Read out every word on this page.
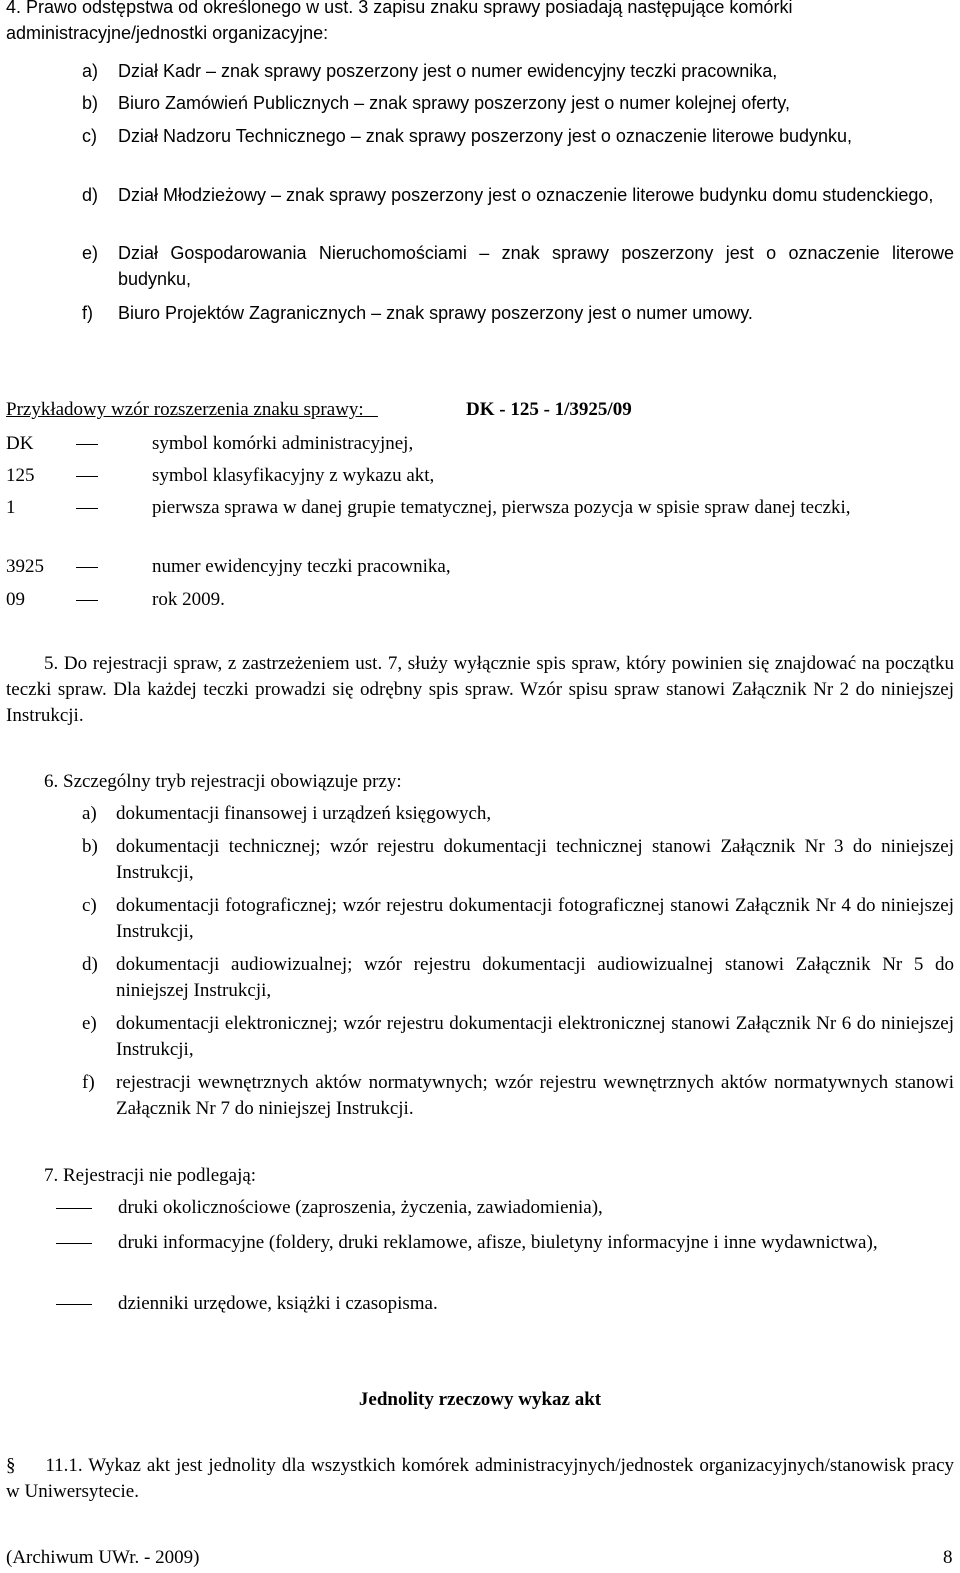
4. Prawo odstępstwa od określonego w ust. 3 zapisu znaku sprawy posiadają następujące komórki
administracyjne/jednostki organizacyjne:
a) Dział Kadr – znak sprawy poszerzony jest o numer ewidencyjny teczki pracownika,
b) Biuro Zamówień Publicznych – znak sprawy poszerzony jest o numer kolejnej oferty,
c) Dział Nadzoru Technicznego – znak sprawy poszerzony jest o oznaczenie literowe budynku,
d) Dział Młodzieżowy – znak sprawy poszerzony jest o oznaczenie literowe budynku domu studenckiego,
e) Dział Gospodarowania Nieruchomościami – znak sprawy poszerzony jest o oznaczenie literowe budynku,
f) Biuro Projektów Zagranicznych – znak sprawy poszerzony jest o numer umowy.
Przykładowy wzór rozszerzenia znaku sprawy:	DK - 125 - 1/3925/09
DK	symbol komórki administracyjnej,
125	symbol klasyfikacyjny z wykazu akt,
1	pierwsza sprawa w danej grupie tematycznej, pierwsza pozycja w spisie spraw danej teczki,
3925	numer ewidencyjny teczki pracownika,
09	rok 2009.
5. Do rejestracji spraw, z zastrzeżeniem ust. 7, służy wyłącznie spis spraw, który powinien się znajdować na początku teczki spraw. Dla każdej teczki prowadzi się odrębny spis spraw. Wzór spisu spraw stanowi Załącznik Nr 2 do niniejszej Instrukcji.
6. Szczególny tryb rejestracji obowiązuje przy:
a) dokumentacji finansowej i urządzeń księgowych,
b) dokumentacji technicznej; wzór rejestru dokumentacji technicznej stanowi Załącznik Nr 3 do niniejszej Instrukcji,
c) dokumentacji fotograficznej; wzór rejestru dokumentacji fotograficznej stanowi Załącznik Nr 4 do niniejszej Instrukcji,
d) dokumentacji audiowizualnej; wzór rejestru dokumentacji audiowizualnej stanowi Załącznik Nr 5 do niniejszej Instrukcji,
e) dokumentacji elektronicznej; wzór rejestru dokumentacji elektronicznej stanowi Załącznik Nr 6 do niniejszej Instrukcji,
f) rejestracji wewnętrznych aktów normatywnych; wzór rejestru wewnętrznych aktów normatywnych stanowi Załącznik Nr 7 do niniejszej Instrukcji.
7. Rejestracji nie podlegają:
druki okolicznościowe (zaproszenia, życzenia, zawiadomienia),
druki informacyjne (foldery, druki reklamowe, afisze, biuletyny informacyjne i inne wydawnictwa),
dzienniki urzędowe, książki i czasopisma.
Jednolity rzeczowy wykaz akt
§ 11.1. Wykaz akt jest jednolity dla wszystkich komórek administracyjnych/jednostek organizacyjnych/stanowisk pracy w Uniwersytecie.
(Archiwum UWr. - 2009)	8
